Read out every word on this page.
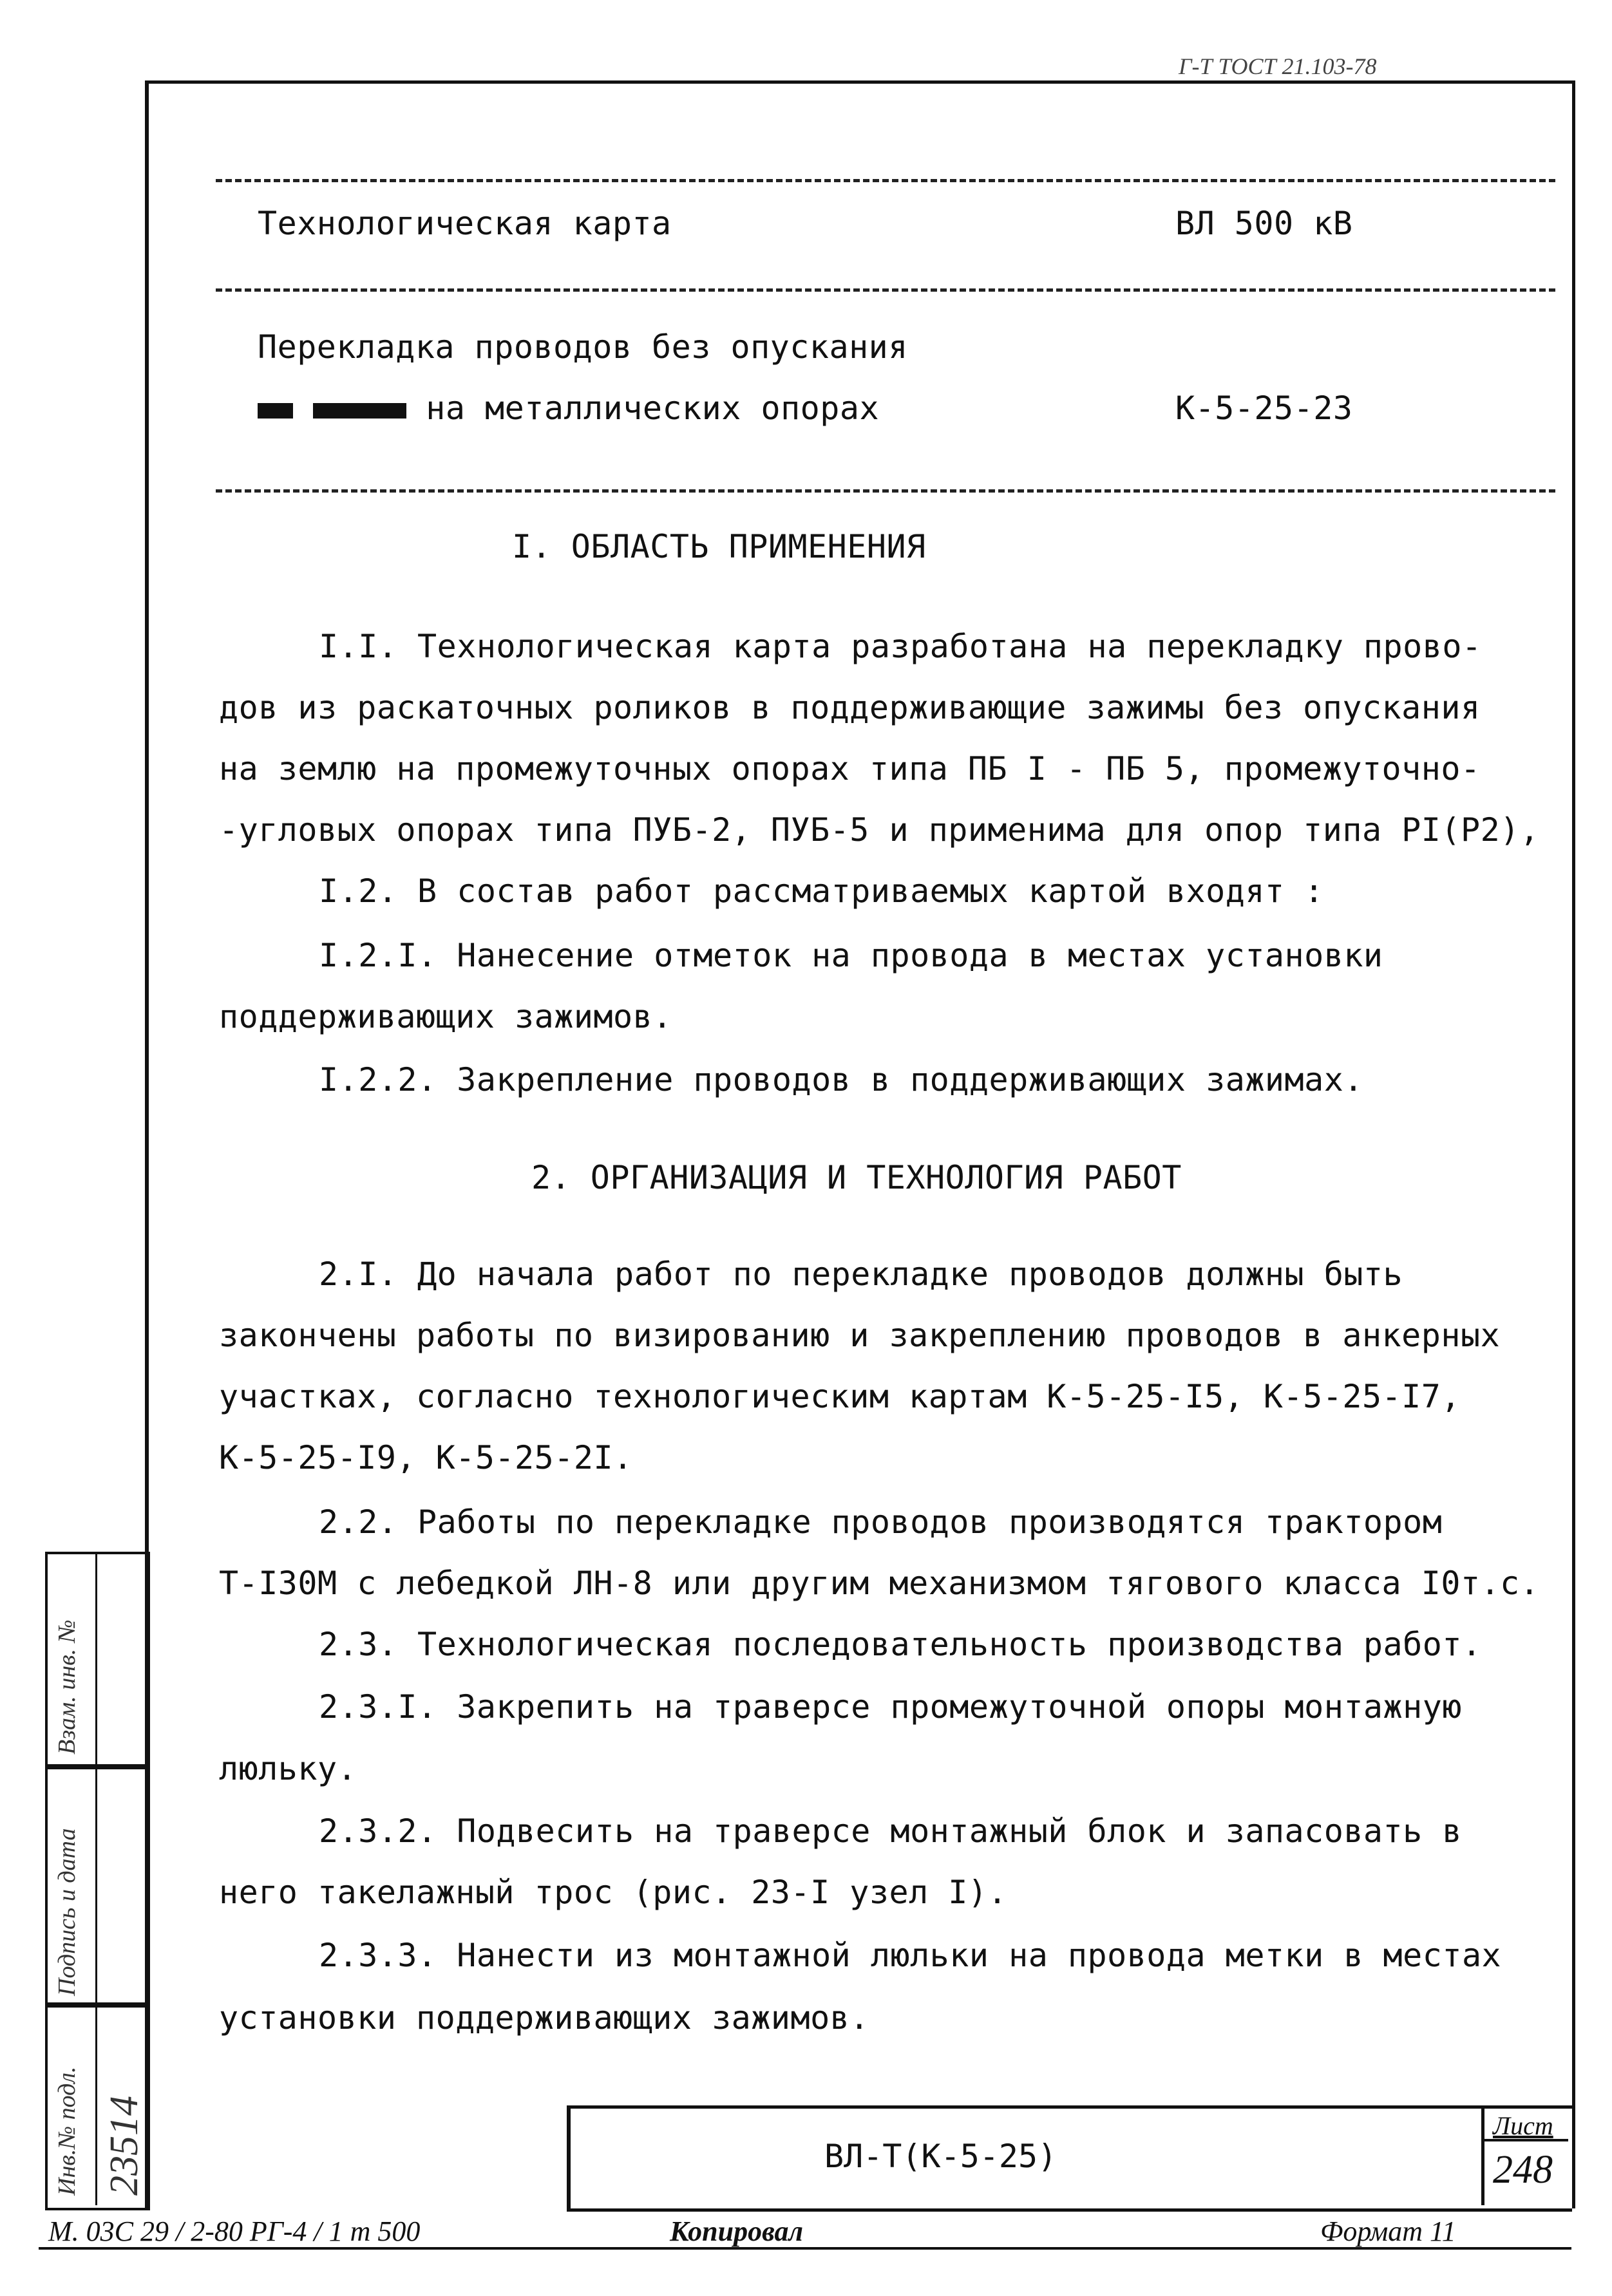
Г-Т ТОСТ 21.103-78
Технологическая карта	ВЛ 500 кВ
Перекладка проводов без опускания
на металлических опорах	К-5-25-23
I. ОБЛАСТЬ ПРИМЕНЕНИЯ
I.I. Технологическая карта разработана на перекладку прово-
дов из раскаточных роликов в поддерживающие зажимы без опускания
на землю на промежуточных опорах типа ПБ I - ПБ 5, промежуточно-
-угловых опорах типа ПУБ-2, ПУБ-5 и применима для опор типа PI(P2),
I.2. В состав работ рассматриваемых картой входят :
I.2.I. Нанесение отметок на провода в местах установки
поддерживающих зажимов.
I.2.2. Закрепление проводов в поддерживающих зажимах.
2. ОРГАНИЗАЦИЯ И ТЕХНОЛОГИЯ РАБОТ
2.I. До начала работ по перекладке проводов должны быть
закончены работы по визированию и закреплению проводов в анкерных
участках, согласно технологическим картам К-5-25-I5, К-5-25-I7,
К-5-25-I9, К-5-25-2I.
2.2. Работы по перекладке проводов производятся трактором
Т-I30М с лебедкой ЛН-8 или другим механизмом тягового класса I0т.с.
2.3. Технологическая последовательность производства работ.
2.3.I. Закрепить на траверсе промежуточной опоры монтажную
люльку.
2.3.2. Подвесить на траверсе монтажный блок и запасовать в
него такелажный трос (рис. 23-I узел I).
2.3.3. Нанести из монтажной люльки на провода метки в местах
установки поддерживающих зажимов.
Взам. инв. №
Подпись и дата
Инв.№ подл. 23514	ВЛ-Т(К-5-25)
Лист
248
М. 03С 29 / 2-80 РГ-4 / 1 т 500	Копировал	Формат 11
